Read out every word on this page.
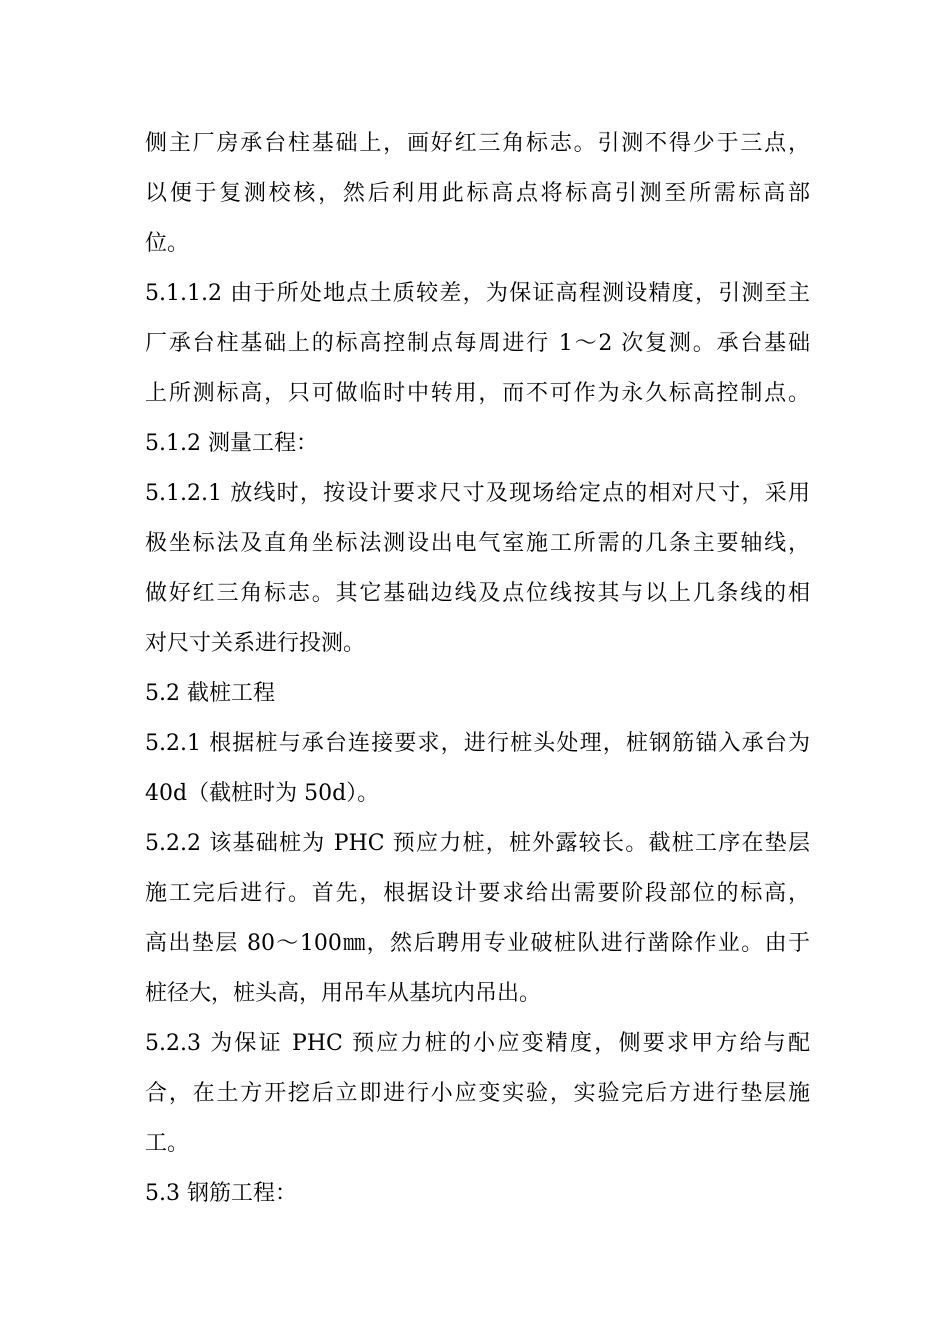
侧主厂房承台柱基础上，画好红三角标志。引测不得少于三点，
以便于复测校核，然后利用此标高点将标高引测至所需标高部
位。
5.1.1.2 由于所处地点土质较差，为保证高程测设精度，引测至主
厂承台柱基础上的标高控制点每周进行 1～2 次复测。承台基础
上所测标高，只可做临时中转用，而不可作为永久标高控制点。
5.1.2 测量工程：
5.1.2.1 放线时，按设计要求尺寸及现场给定点的相对尺寸，采用
极坐标法及直角坐标法测设出电气室施工所需的几条主要轴线，
做好红三角标志。其它基础边线及点位线按其与以上几条线的相
对尺寸关系进行投测。
5.2 截桩工程
5.2.1 根据桩与承台连接要求，进行桩头处理，桩钢筋锚入承台为
40d（截桩时为 50d）。
5.2.2 该基础桩为 PHC 预应力桩，桩外露较长。截桩工序在垫层
施工完后进行。首先，根据设计要求给出需要阶段部位的标高，
高出垫层 80～100㎜，然后聘用专业破桩队进行凿除作业。由于
桩径大，桩头高，用吊车从基坑内吊出。
5.2.3 为保证 PHC 预应力桩的小应变精度，侧要求甲方给与配
合，在土方开挖后立即进行小应变实验，实验完后方进行垫层施
工。
5.3 钢筋工程：
